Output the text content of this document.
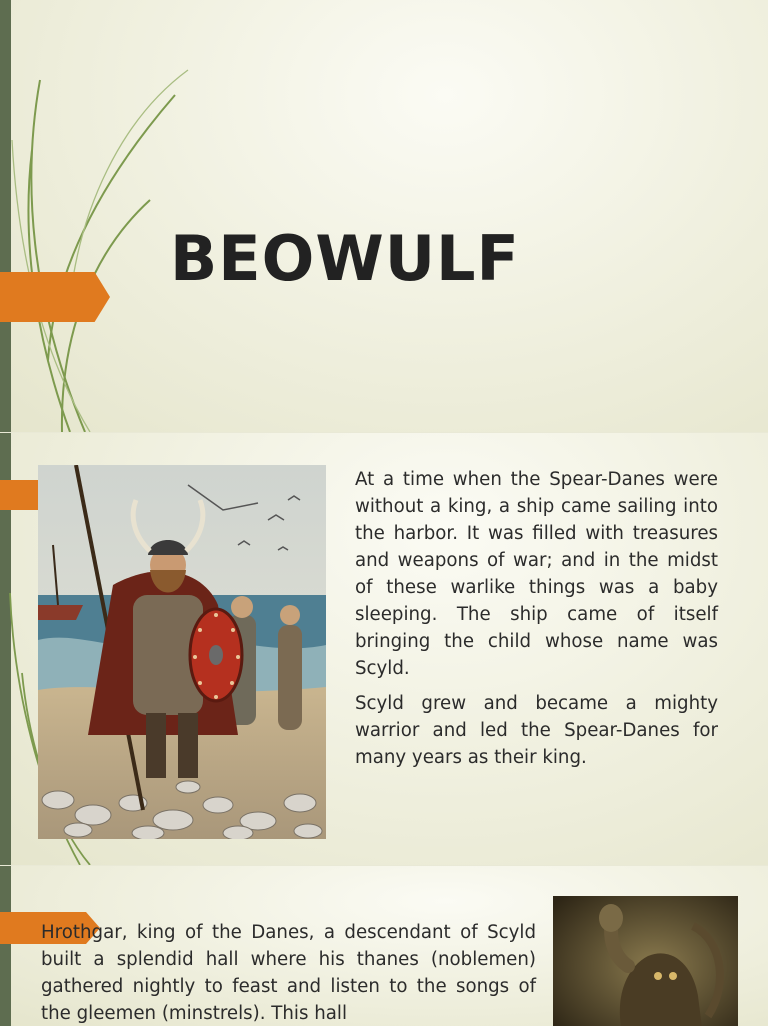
BEOWULF

At a time when the Spear-Danes were without a king, a ship came sailing into the harbor. It was filled with treasures and weapons of war; and in the midst of these warlike things was a baby sleeping. The ship came of itself bringing the child whose name was Scyld.

Scyld grew and became a mighty warrior and led the Spear-Danes for many years as their king.

Hrothgar, king of the Danes, a descendant of Scyld built a splendid hall where his thanes (noblemen) gathered nightly to feast and listen to the songs of the gleemen (minstrels). This hall
